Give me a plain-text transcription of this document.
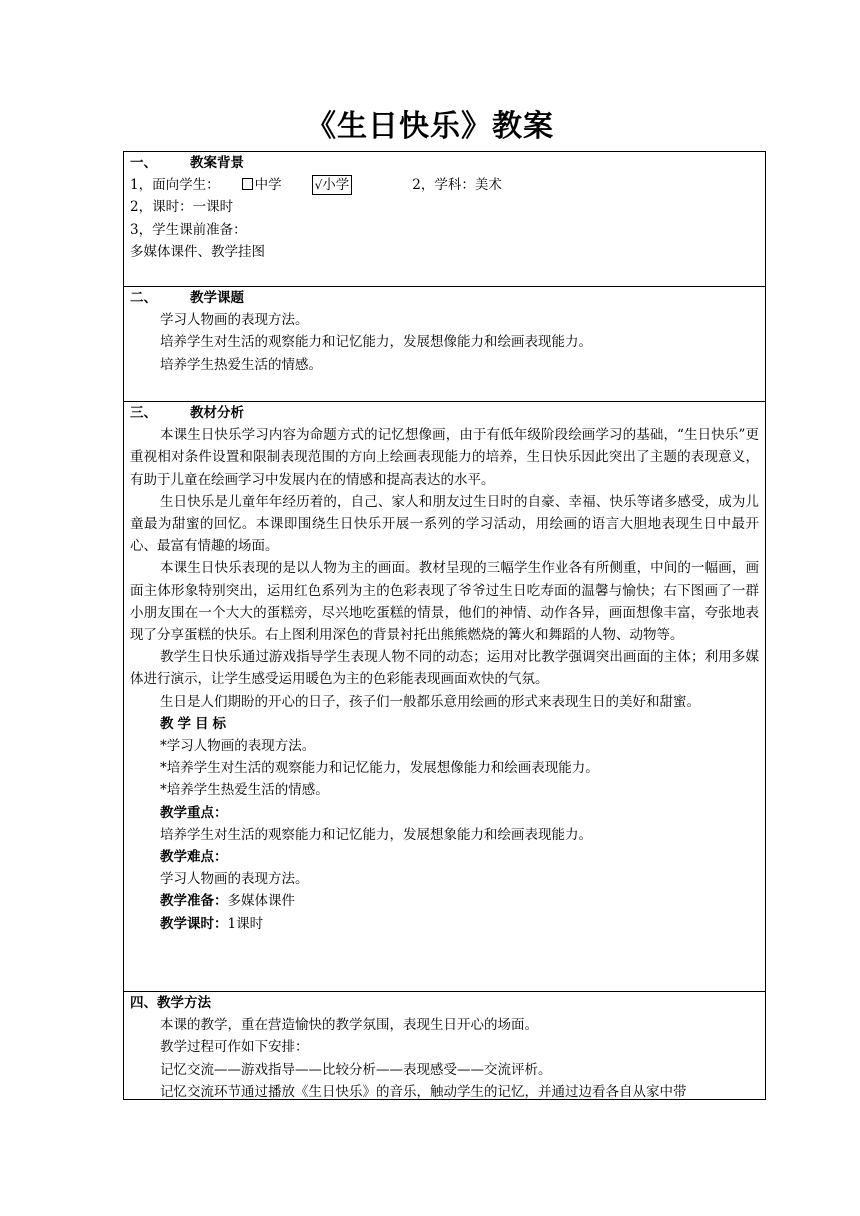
《生日快乐》教案
一、 教案背景
1，面向学生：	中学	√小学	2，学科：美术
2，课时：一课时
3，学生课前准备：
多媒体课件、教学挂图
二、 教学课题
学习人物画的表现方法。
培养学生对生活的观察能力和记忆能力，发展想像能力和绘画表现能力。
培养学生热爱生活的情感。
三、 教材分析

本课生日快乐学习内容为命题方式的记忆想像画，由于有低年级阶段绘画学习的基础，“生日快乐”更重视相对条件设置和限制表现范围的方向上绘画表现能力的培养，生日快乐因此突出了主题的表现意义，有助于儿童在绘画学习中发展内在的情感和提高表达的水平。

生日快乐是儿童年年经历着的，自己、家人和朋友过生日时的自豪、幸福、快乐等诸多感受，成为儿童最为甜蜜的回忆。本课即围绕生日快乐开展一系列的学习活动，用绘画的语言大胆地表现生日中最开心、最富有情趣的场面。

本课生日快乐表现的是以人物为主的画面。教材呈现的三幅学生作业各有所侧重，中间的一幅画，画面主体形象特别突出，运用红色系列为主的色彩表现了爷爷过生日吃寿面的温馨与愉快；右下图画了一群小朋友围在一个大大的蛋糕旁，尽兴地吃蛋糕的情景，他们的神情、动作各异，画面想像丰富，夸张地表现了分享蛋糕的快乐。右上图利用深色的背景衬托出熊熊燃烧的篝火和舞蹈的人物、动物等。

教学生日快乐通过游戏指导学生表现人物不同的动态；运用对比教学强调突出画面的主体；利用多媒体进行演示，让学生感受运用暖色为主的色彩能表现画面欢快的气氛。

生日是人们期盼的开心的日子，孩子们一般都乐意用绘画的形式来表现生日的美好和甜蜜。
教学目标
*学习人物画的表现方法。
*培养学生对生活的观察能力和记忆能力，发展想像能力和绘画表现能力。
*培养学生热爱生活的情感。
教学重点：
培养学生对生活的观察能力和记忆能力，发展想象能力和绘画表现能力。
教学难点：
学习人物画的表现方法。
教学准备：多媒体课件
教学课时：1课时
四、教学方法
本课的教学，重在营造愉快的教学氛围，表现生日开心的场面。
教学过程可作如下安排：
记忆交流——游戏指导——比较分析——表现感受——交流评析。
记忆交流环节通过播放《生日快乐》的音乐，触动学生的记忆，并通过边看各自从家中带
